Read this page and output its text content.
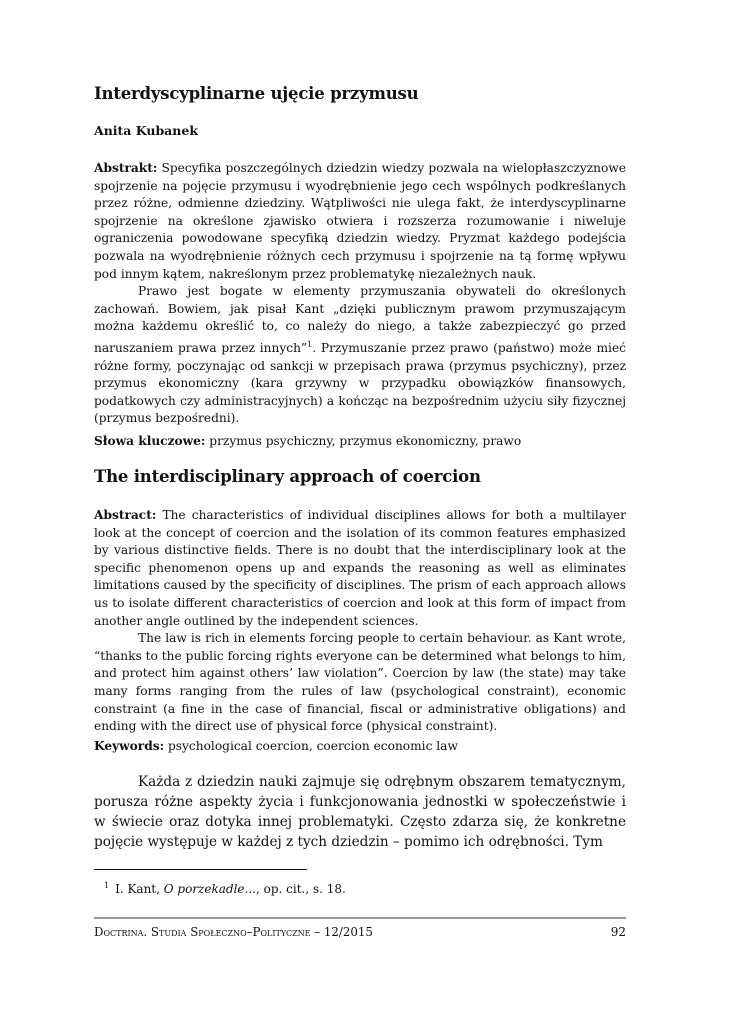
Interdyscyplinarne ujęcie przymusu

Anita Kubanek

Abstrakt: Specyfika poszczególnych dziedzin wiedzy pozwala na wielopłaszczyznowe spojrzenie na pojęcie przymusu i wyodrębnienie jego cech wspólnych podkreślanych przez różne, odmienne dziedziny. Wątpliwości nie ulega fakt, że interdyscyplinarne spojrzenie na określone zjawisko otwiera i rozszerza rozumowanie i niweluje ograniczenia powodowane specyfiką dziedzin wiedzy. Pryzmat każdego podejścia pozwala na wyodrębnienie różnych cech przymusu i spojrzenie na tą formę wpływu pod innym kątem, nakreślonym przez problematykę niezależnych nauk.

Prawo jest bogate w elementy przymuszania obywateli do określonych zachowań. Bowiem, jak pisał Kant „dzięki publicznym prawom przymuszającym można każdemu określić to, co należy do niego, a także zabezpieczyć go przed naruszaniem prawa przez innych”$^1$. Przymuszanie przez prawo (państwo) może mieć różne formy, poczynając od sankcji w przepisach prawa (przymus psychiczny), przez przymus ekonomiczny (kara grzywny w przypadku obowiązków finansowych, podatkowych czy administracyjnych) a kończąc na bezpośrednim użyciu siły fizycznej (przymus bezpośredni).

Słowa kluczowe: przymus psychiczny, przymus ekonomiczny, prawo

The interdisciplinary approach of coercion

Abstract: The characteristics of individual disciplines allows for both a multilayer look at the concept of coercion and the isolation of its common features emphasized by various distinctive fields. There is no doubt that the interdisciplinary look at the specific phenomenon opens up and expands the reasoning as well as eliminates limitations caused by the specificity of disciplines. The prism of each approach allows us to isolate different characteristics of coercion and look at this form of impact from another angle outlined by the independent sciences.

The law is rich in elements forcing people to certain behaviour. as Kant wrote, “thanks to the public forcing rights everyone can be determined what belongs to him, and protect him against others’ law violation”. Coercion by law (the state) may take many forms ranging from the rules of law (psychological constraint), economic constraint (a fine in the case of financial, fiscal or administrative obligations) and ending with the direct use of physical force (physical constraint).

Keywords: psychological coercion, coercion economic law

Każda z dziedzin nauki zajmuje się odrębnym obszarem tematycznym, porusza różne aspekty życia i funkcjonowania jednostki w społeczeństwie i w świecie oraz dotyka innej problematyki. Często zdarza się, że konkretne pojęcie występuje w każdej z tych dziedzin – pomimo ich odrębności. Tym

$^1$ I. Kant, O porzekadle..., op. cit., s. 18.

Doctrina. Studia Społeczno–Polityczne – 12/2015	92
